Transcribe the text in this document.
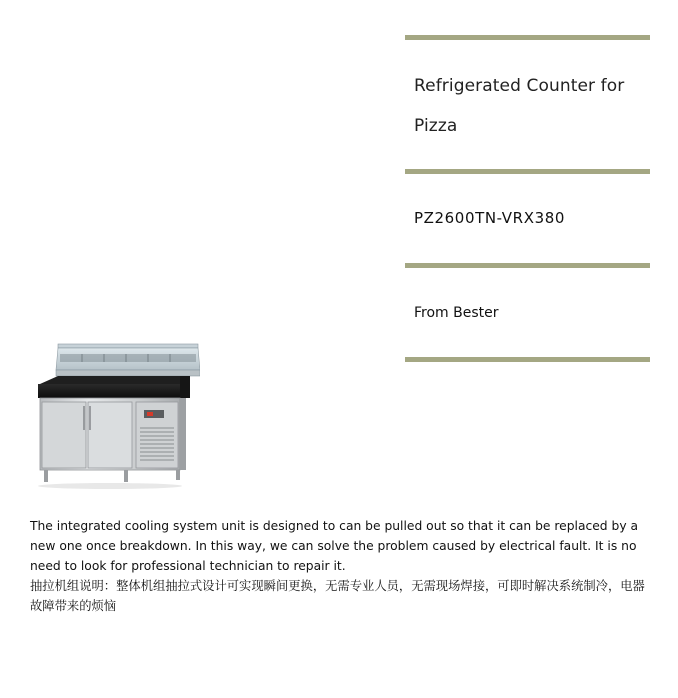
Refrigerated Counter for Pizza
PZ2600TN-VRX380
From Bester
The integrated cooling system unit is designed to can be pulled out so that it can be replaced by a new one once breakdown. In this way, we can solve the problem caused by electrical fault. It is no need to look for professional technician to repair it.
抽拉机组说明：整体机组抽拉式设计可实现瞬间更换，无需专业人员，无需现场焊接，可即时解决系统制冷，电器故障带来的烦恼
